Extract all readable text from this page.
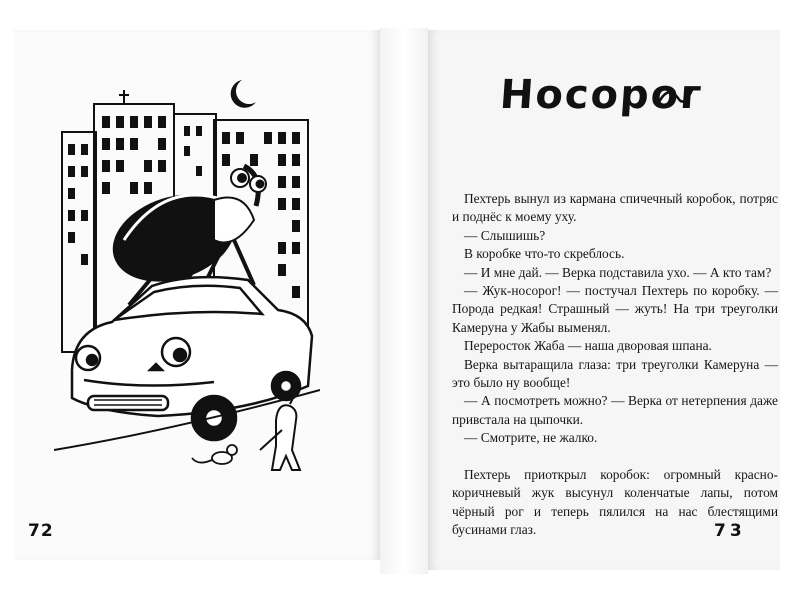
72
Носорог

Пехтерь вынул из кармана спичечный коробок, потряс и поднёс к моему уху.

— Слышишь?

В коробке что-то скреблось.

— И мне дай. — Верка подставила ухо. — А кто там?

— Жук-носорог! — постучал Пехтерь по коробку. — Порода редкая! Страшный — жуть! На три треуголки Камеруна у Жабы выменял.

Переросток Жаба — наша дворовая шпана.

Верка вытаращила глаза: три треуголки Камеруна — это было ну вообще!

— А посмотреть можно? — Верка от нетерпения даже привстала на цыпочки.

— Смотрите, не жалко.

Пехтерь приоткрыл коробок: огромный красно-коричневый жук высунул коленчатые лапы, потом чёрный рог и теперь пялился на нас блестящими бусинами глаз.	73
